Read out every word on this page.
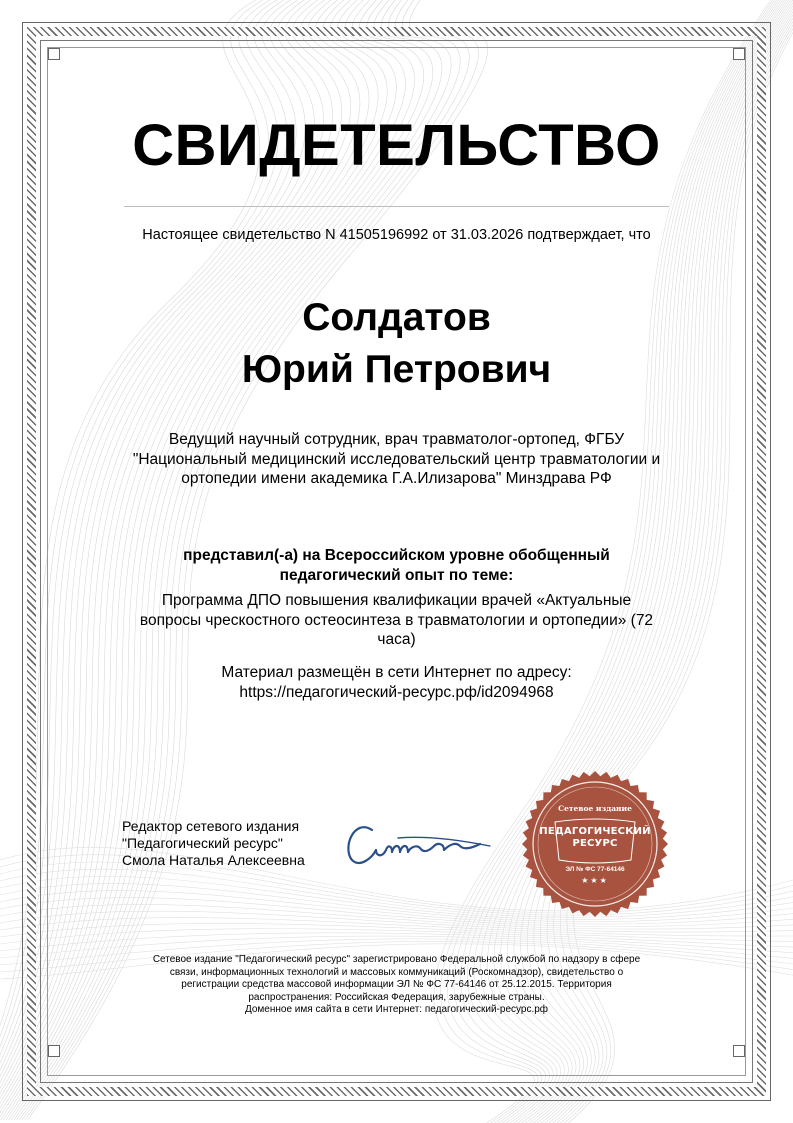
СВИДЕТЕЛЬСТВО
Настоящее свидетельство N 41505196992 от 31.03.2026 подтверждает, что
Солдатов
Юрий Петрович
Ведущий научный сотрудник, врач травматолог-ортопед, ФГБУ
"Национальный медицинский исследовательский центр травматологии и
ортопедии имени академика Г.А.Илизарова" Минздрава РФ
представил(-а) на Всероссийском уровне обобщенный
педагогический опыт по теме:
Программа ДПО повышения квалификации врачей «Актуальные
вопросы чрескостного остеосинтеза в травматологии и ортопедии» (72
часа)
Материал размещён в сети Интернет по адресу:
https://педагогический-ресурс.рф/id2094968
Редактор сетевого издания
"Педагогический ресурс"
Смола Наталья Алексеевна
Сетевое издание
ПЕДАГОГИЧЕСКИЙ
РЕСУРС
ЭЛ № ФС 77-64146
★★★
Сетевое издание "Педагогический ресурс" зарегистрировано Федеральной службой по надзору в сфере
связи, информационных технологий и массовых коммуникаций (Роскомнадзор), свидетельство о
регистрации средства массовой информации ЭЛ № ФС 77-64146 от 25.12.2015. Территория
распространения: Российская Федерация, зарубежные страны.
Доменное имя сайта в сети Интернет: педагогический-ресурс.рф
